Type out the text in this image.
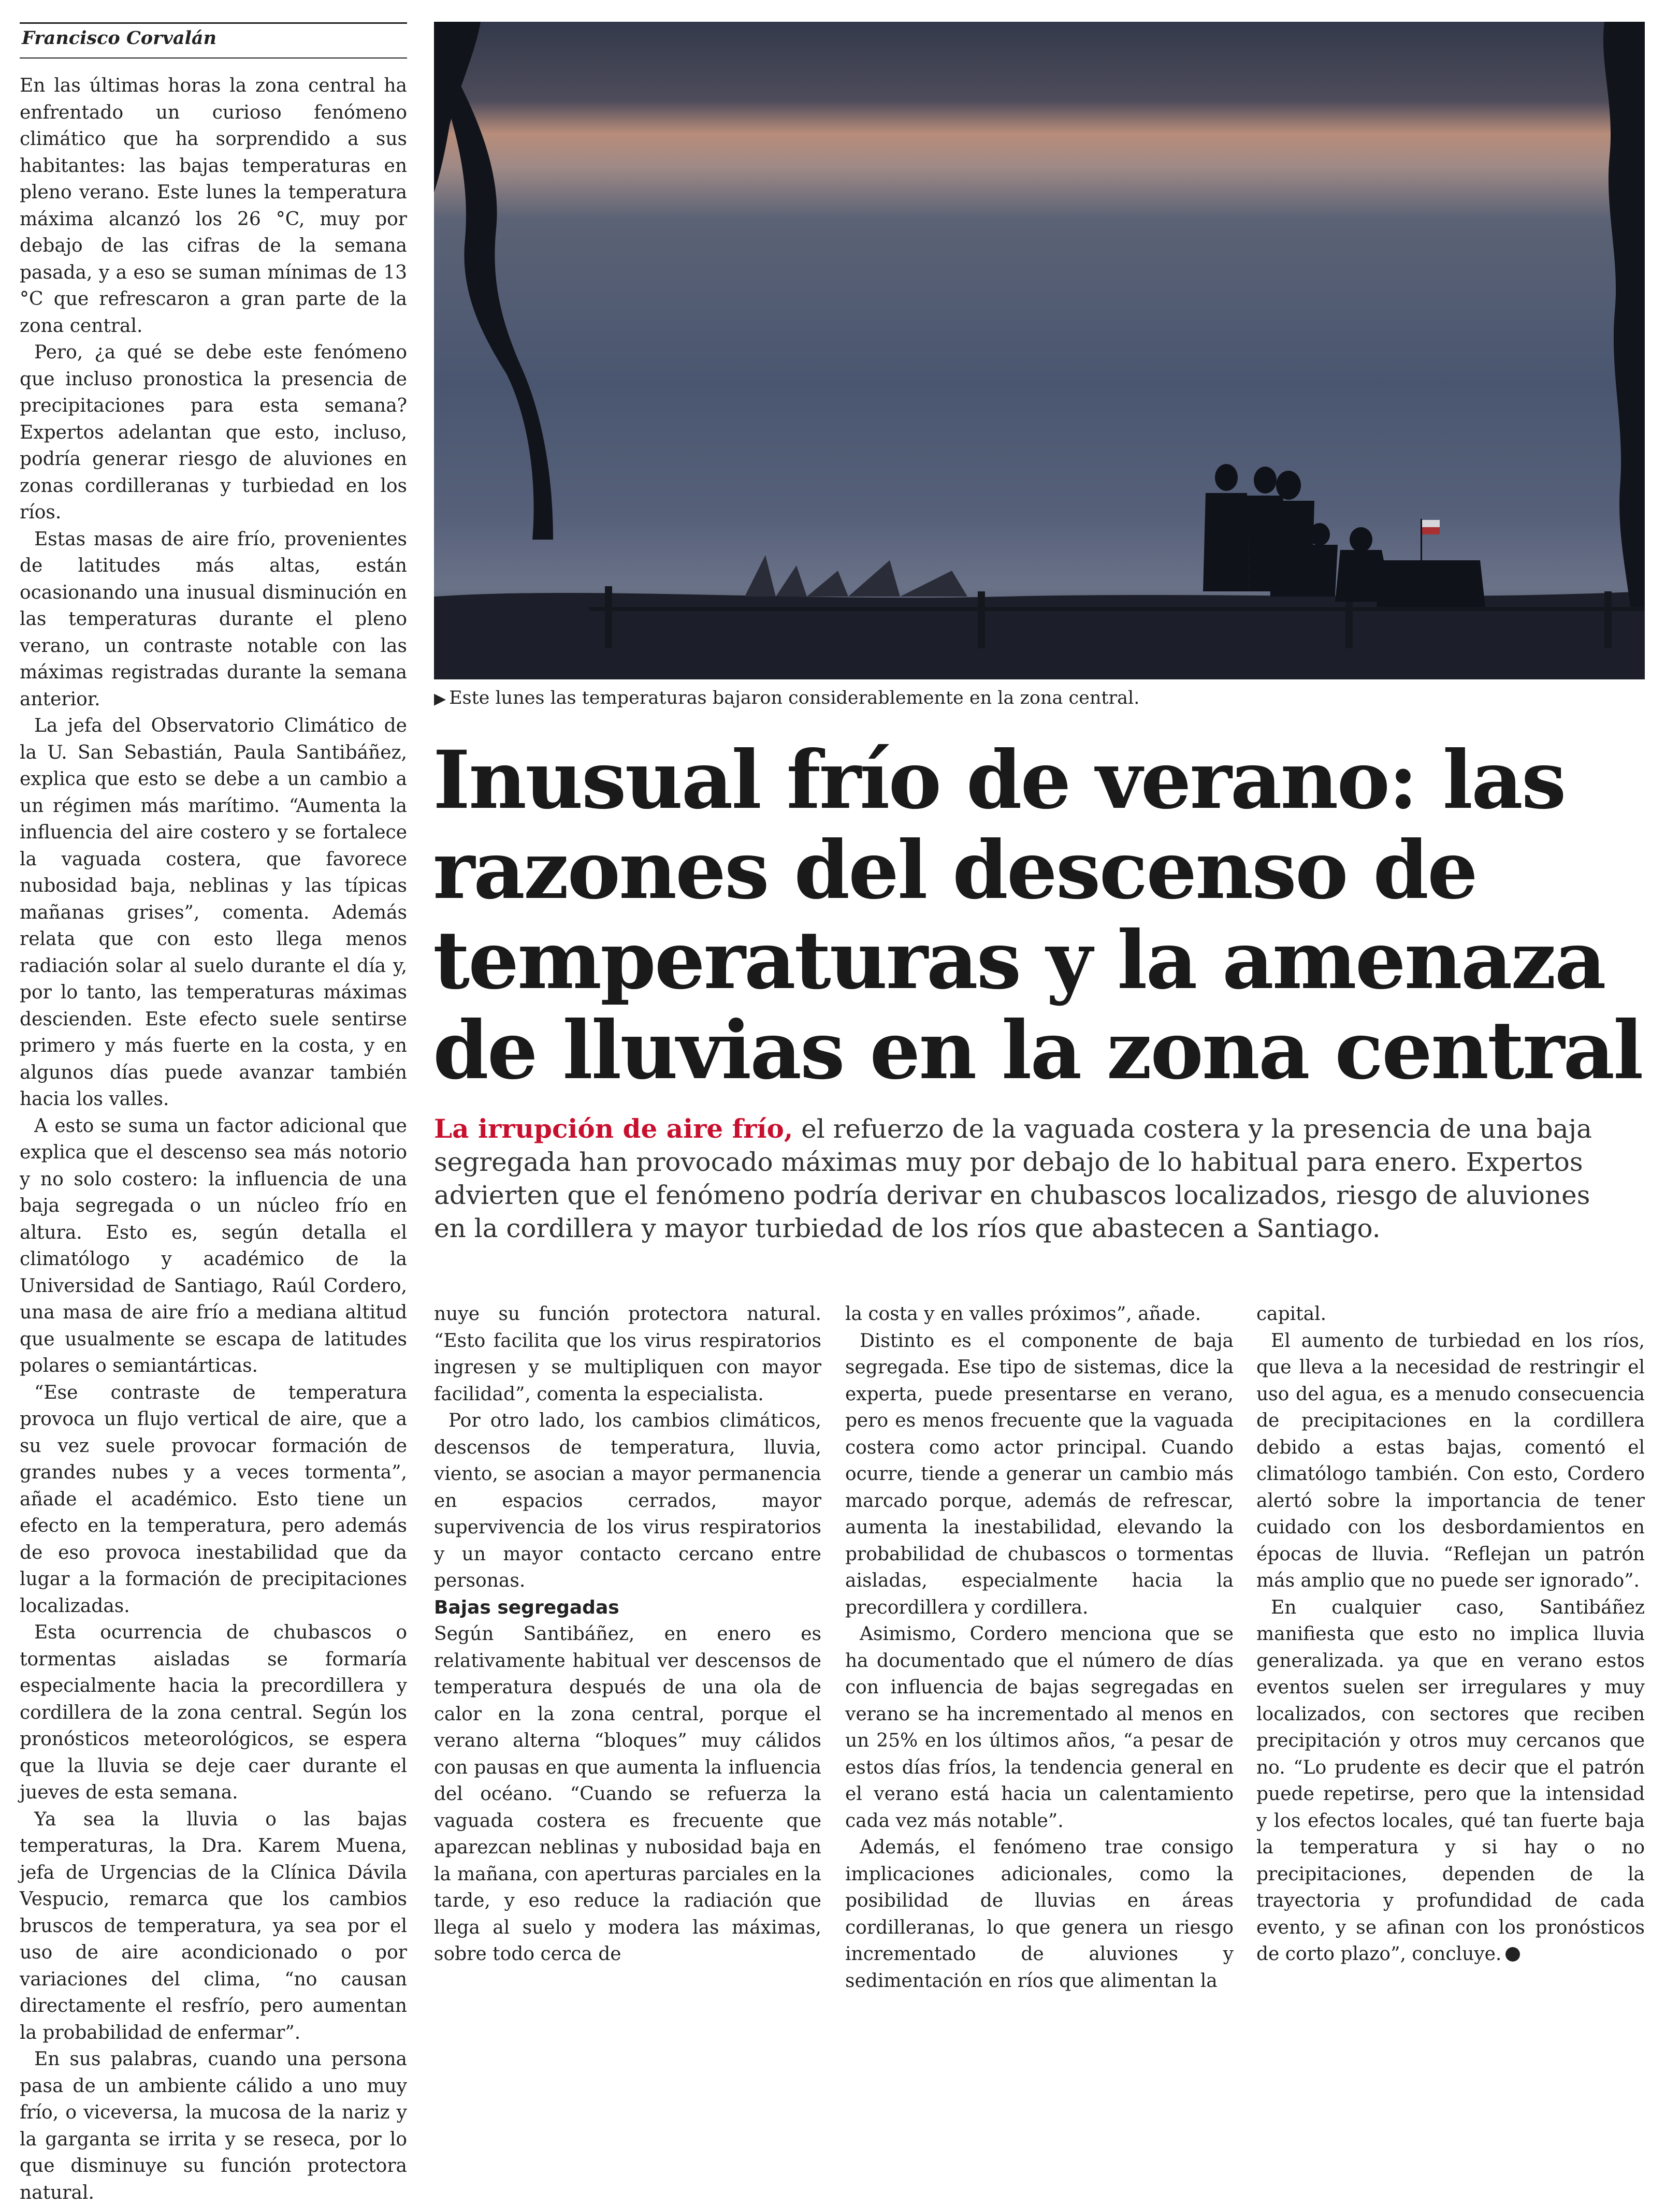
Francisco Corvalán

En las últimas horas la zona central ha enfrentado un curioso fenómeno climático que ha sorprendido a sus habitantes: las bajas temperaturas en pleno verano. Este lunes la temperatura máxima alcanzó los 26 °C, muy por debajo de las cifras de la semana pasada, y a eso se suman mínimas de 13 °C que refrescaron a gran parte de la zona central.

Pero, ¿a qué se debe este fenómeno que incluso pronostica la presencia de precipitaciones para esta semana? Expertos adelantan que esto, incluso, podría generar riesgo de aluviones en zonas cordilleranas y turbiedad en los ríos.

Estas masas de aire frío, provenientes de latitudes más altas, están ocasionando una inusual disminución en las temperaturas durante el pleno verano, un contraste notable con las máximas registradas durante la semana anterior.

La jefa del Observatorio Climático de la U. San Sebastián, Paula Santibáñez, explica que esto se debe a un cambio a un régimen más marítimo. “Aumenta la influencia del aire costero y se fortalece la vaguada costera, que favorece nubosidad baja, neblinas y las típicas mañanas grises”, comenta. Además relata que con esto llega menos radiación solar al suelo durante el día y, por lo tanto, las temperaturas máximas descienden. Este efecto suele sentirse primero y más fuerte en la costa, y en algunos días puede avanzar también hacia los valles.

A esto se suma un factor adicional que explica que el descenso sea más notorio y no solo costero: la influencia de una baja segregada o un núcleo frío en altura. Esto es, según detalla el climatólogo y académico de la Universidad de Santiago, Raúl Cordero, una masa de aire frío a mediana altitud que usualmente se escapa de latitudes polares o semiantárticas.

“Ese contraste de temperatura provoca un flujo vertical de aire, que a su vez suele provocar formación de grandes nubes y a veces tormenta”, añade el académico. Esto tiene un efecto en la temperatura, pero además de eso provoca inestabilidad que da lugar a la formación de precipitaciones localizadas.

Esta ocurrencia de chubascos o tormentas aisladas se formaría especialmente hacia la precordillera y cordillera de la zona central. Según los pronósticos meteorológicos, se espera que la lluvia se deje caer durante el jueves de esta semana.

Ya sea la lluvia o las bajas temperaturas, la Dra. Karem Muena, jefa de Urgencias de la Clínica Dávila Vespucio, remarca que los cambios bruscos de temperatura, ya sea por el uso de aire acondicionado o por variaciones del clima, “no causan directamente el resfrío, pero aumentan la probabilidad de enfermar”.

En sus palabras, cuando una persona pasa de un ambiente cálido a uno muy frío, o viceversa, la mucosa de la nariz y la garganta se irrita y se reseca, por lo que disminuye su función protectora natural.

▶ Este lunes las temperaturas bajaron considerablemente en la zona central.
Inusual frío de verano: las
razones del descenso de
temperaturas y la amenaza
de lluvias en la zona central

La irrupción de aire frío, el refuerzo de la vaguada costera y la presencia de una baja segregada han provocado máximas muy por debajo de lo habitual para enero. Expertos advierten que el fenómeno podría derivar en chubascos localizados, riesgo de aluviones en la cordillera y mayor turbiedad de los ríos que abastecen a Santiago.

nuye su función protectora natural. “Esto facilita que los virus respiratorios ingresen y se multipliquen con mayor facilidad”, comenta la especialista.

Por otro lado, los cambios climáticos, descensos de temperatura, lluvia, viento, se asocian a mayor permanencia en espacios cerrados, mayor supervivencia de los virus respiratorios y un mayor contacto cercano entre personas.

Bajas segregadas

Según Santibáñez, en enero es relativamente habitual ver descensos de temperatura después de una ola de calor en la zona central, porque el verano alterna “bloques” muy cálidos con pausas en que aumenta la influencia del océano. “Cuando se refuerza la vaguada costera es frecuente que aparezcan neblinas y nubosidad baja en la mañana, con aperturas parciales en la tarde, y eso reduce la radiación que llega al suelo y modera las máximas, sobre todo cerca de

la costa y en valles próximos”, añade.

Distinto es el componente de baja segregada. Ese tipo de sistemas, dice la experta, puede presentarse en verano, pero es menos frecuente que la vaguada costera como actor principal. Cuando ocurre, tiende a generar un cambio más marcado porque, además de refrescar, aumenta la inestabilidad, elevando la probabilidad de chubascos o tormentas aisladas, especialmente hacia la precordillera y cordillera.

Asimismo, Cordero menciona que se ha documentado que el número de días con influencia de bajas segregadas en verano se ha incrementado al menos en un 25% en los últimos años, “a pesar de estos días fríos, la tendencia general en el verano está hacia un calentamiento cada vez más notable”.

Además, el fenómeno trae consigo implicaciones adicionales, como la posibilidad de lluvias en áreas cordilleranas, lo que genera un riesgo incrementado de aluviones y sedimentación en ríos que alimentan la

capital.

El aumento de turbiedad en los ríos, que lleva a la necesidad de restringir el uso del agua, es a menudo consecuencia de precipitaciones en la cordillera debido a estas bajas, comentó el climatólogo también. Con esto, Cordero alertó sobre la importancia de tener cuidado con los desbordamientos en épocas de lluvia. “Reflejan un patrón más amplio que no puede ser ignorado”.

En cualquier caso, Santibáñez manifiesta que esto no implica lluvia generalizada. ya que en verano estos eventos suelen ser irregulares y muy localizados, con sectores que reciben precipitación y otros muy cercanos que no. “Lo prudente es decir que el patrón puede repetirse, pero que la intensidad y los efectos locales, qué tan fuerte baja la temperatura y si hay o no precipitaciones, dependen de la trayectoria y profundidad de cada evento, y se afinan con los pronósticos de corto plazo”, concluye.
